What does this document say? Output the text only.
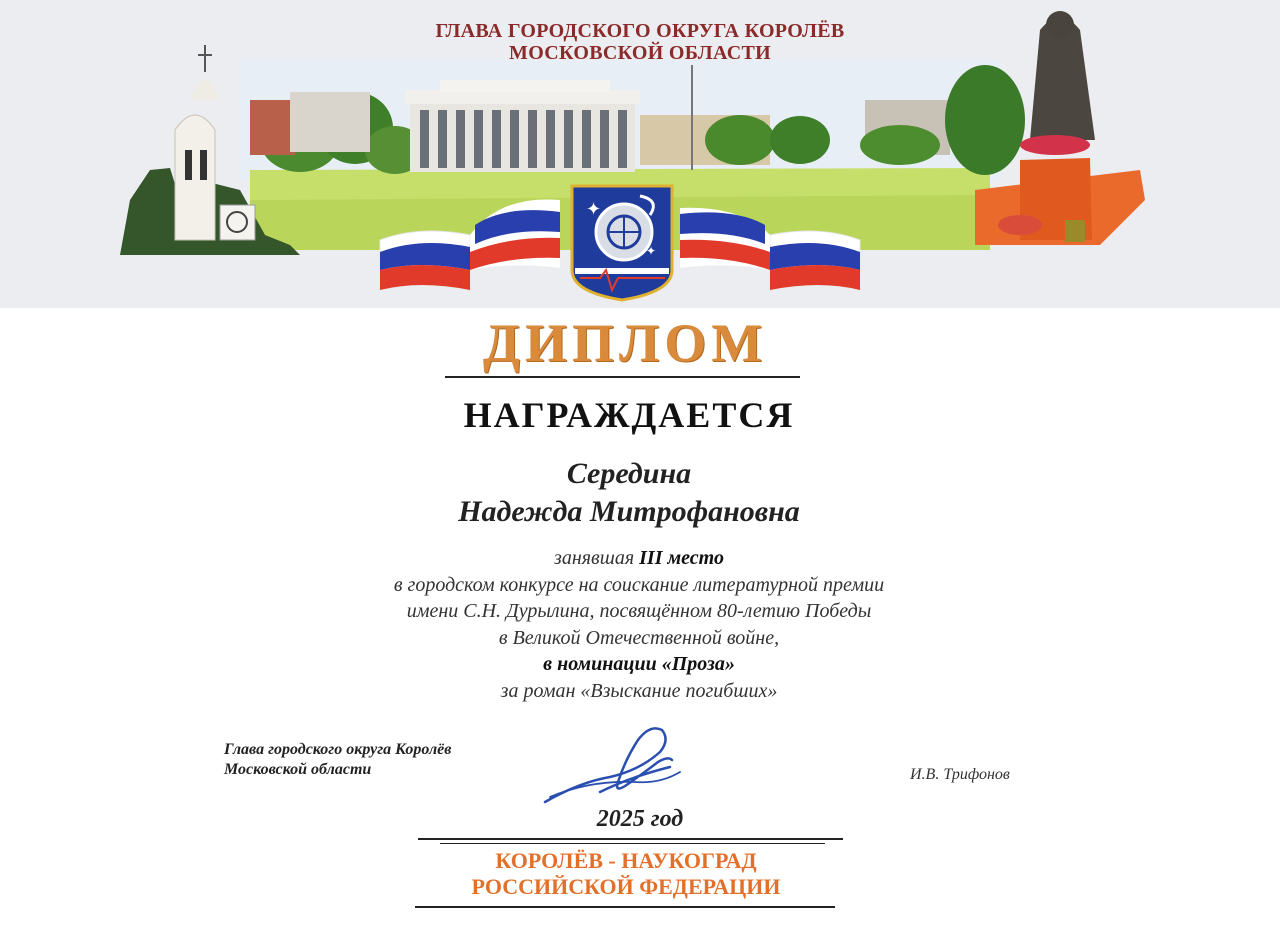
✦
✦
ГЛАВА ГОРОДСКОГО ОКРУГА КОРОЛЁВ
МОСКОВСКОЙ ОБЛАСТИ
ДИПЛОМ
НАГРАЖДАЕТСЯ
Середина
Надежда Митрофановна
занявшая III место
в городском конкурсе на соискание литературной премии
имени С.Н. Дурылина, посвящённом 80-летию Победы
в Великой Отечественной войне,
в номинации «Проза»
за роман «Взыскание погибших»
Глава городского округа Королёв
Московской области	И.В. Трифонов
2025 год
КОРОЛЁВ - НАУКОГРАД
РОССИЙСКОЙ ФЕДЕРАЦИИ
